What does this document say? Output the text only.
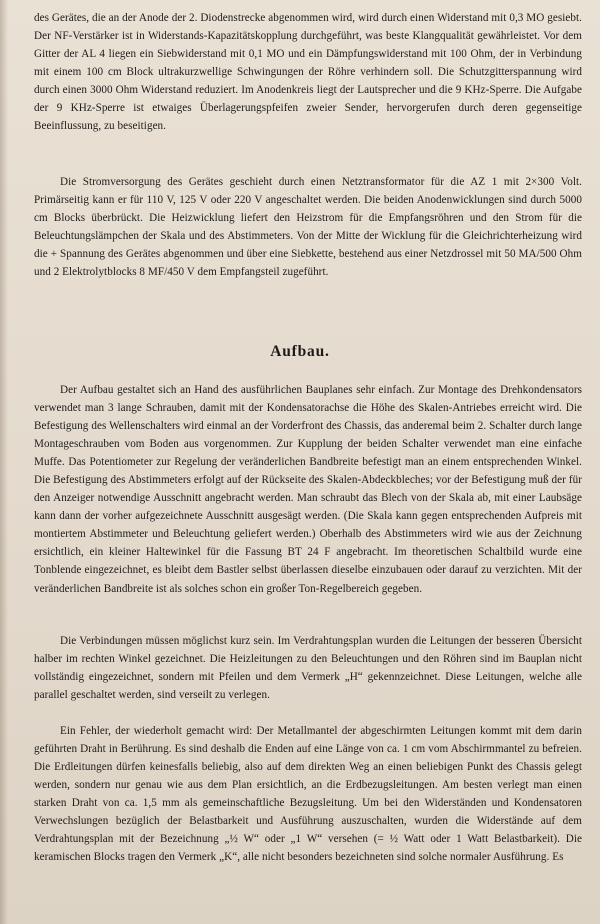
des Gerätes, die an der Anode der 2. Diodenstrecke abgenommen wird, wird durch einen Widerstand mit 0,3 MO gesiebt. Der NF-Verstärker ist in Widerstands-Kapazitätskopplung durchgeführt, was beste Klangqualität gewährleistet. Vor dem Gitter der AL 4 liegen ein Siebwiderstand mit 0,1 MO und ein Dämpfungswiderstand mit 100 Ohm, der in Verbindung mit einem 100 cm Block ultrakurzwellige Schwingungen der Röhre verhindern soll. Die Schutzgitterspannung wird durch einen 3000 Ohm Widerstand reduziert. Im Anodenkreis liegt der Lautsprecher und die 9 KHz-Sperre. Die Aufgabe der 9 KHz-Sperre ist etwaiges Überlagerungspfeifen zweier Sender, hervorgerufen durch deren gegenseitige Beeinflussung, zu beseitigen.

Die Stromversorgung des Gerätes geschieht durch einen Netztransformator für die AZ 1 mit 2×300 Volt. Primärseitig kann er für 110 V, 125 V oder 220 V angeschaltet werden. Die beiden Anodenwicklungen sind durch 5000 cm Blocks überbrückt. Die Heizwicklung liefert den Heizstrom für die Empfangsröhren und den Strom für die Beleuchtungslämpchen der Skala und des Abstimmeters. Von der Mitte der Wicklung für die Gleichrichterheizung wird die + Spannung des Gerätes abgenommen und über eine Siebkette, bestehend aus einer Netzdrossel mit 50 MA/500 Ohm und 2 Elektrolytblocks 8 MF/450 V dem Empfangsteil zugeführt.

Aufbau.

Der Aufbau gestaltet sich an Hand des ausführlichen Bauplanes sehr einfach. Zur Montage des Drehkondensators verwendet man 3 lange Schrauben, damit mit der Kondensatorachse die Höhe des Skalen-Antriebes erreicht wird. Die Befestigung des Wellenschalters wird einmal an der Vorderfront des Chassis, das anderemal beim 2. Schalter durch lange Montageschrauben vom Boden aus vorgenommen. Zur Kupplung der beiden Schalter verwendet man eine einfache Muffe. Das Potentiometer zur Regelung der veränderlichen Bandbreite befestigt man an einem entsprechenden Winkel. Die Befestigung des Abstimmeters erfolgt auf der Rückseite des Skalen-Abdeckbleches; vor der Befestigung muß der für den Anzeiger notwendige Ausschnitt angebracht werden. Man schraubt das Blech von der Skala ab, mit einer Laubsäge kann dann der vorher aufgezeichnete Ausschnitt ausgesägt werden. (Die Skala kann gegen entsprechenden Aufpreis mit montiertem Abstimmeter und Beleuchtung geliefert werden.) Oberhalb des Abstimmeters wird wie aus der Zeichnung ersichtlich, ein kleiner Haltewinkel für die Fassung BT 24 F angebracht. Im theoretischen Schaltbild wurde eine Tonblende eingezeichnet, es bleibt dem Bastler selbst überlassen dieselbe einzubauen oder darauf zu verzichten. Mit der veränderlichen Bandbreite ist als solches schon ein großer Ton-Regelbereich gegeben.

Die Verbindungen müssen möglichst kurz sein. Im Verdrahtungsplan wurden die Leitungen der besseren Übersicht halber im rechten Winkel gezeichnet. Die Heizleitungen zu den Beleuchtungen und den Röhren sind im Bauplan nicht vollständig eingezeichnet, sondern mit Pfeilen und dem Vermerk „H“ gekennzeichnet. Diese Leitungen, welche alle parallel geschaltet werden, sind verseilt zu verlegen.

Ein Fehler, der wiederholt gemacht wird: Der Metallmantel der abgeschirmten Leitungen kommt mit dem darin geführten Draht in Berührung. Es sind deshalb die Enden auf eine Länge von ca. 1 cm vom Abschirmmantel zu befreien. Die Erdleitungen dürfen keinesfalls beliebig, also auf dem direkten Weg an einen beliebigen Punkt des Chassis gelegt werden, sondern nur genau wie aus dem Plan ersichtlich, an die Erdbezugsleitungen. Am besten verlegt man einen starken Draht von ca. 1,5 mm als gemeinschaftliche Bezugsleitung. Um bei den Widerständen und Kondensatoren Verwechslungen bezüglich der Belastbarkeit und Ausführung auszuschalten, wurden die Widerstände auf dem Verdrahtungsplan mit der Bezeichnung „½ W“ oder „1 W“ versehen (= ½ Watt oder 1 Watt Belastbarkeit). Die keramischen Blocks tragen den Vermerk „K“, alle nicht besonders bezeichneten sind solche normaler Ausführung. Es
